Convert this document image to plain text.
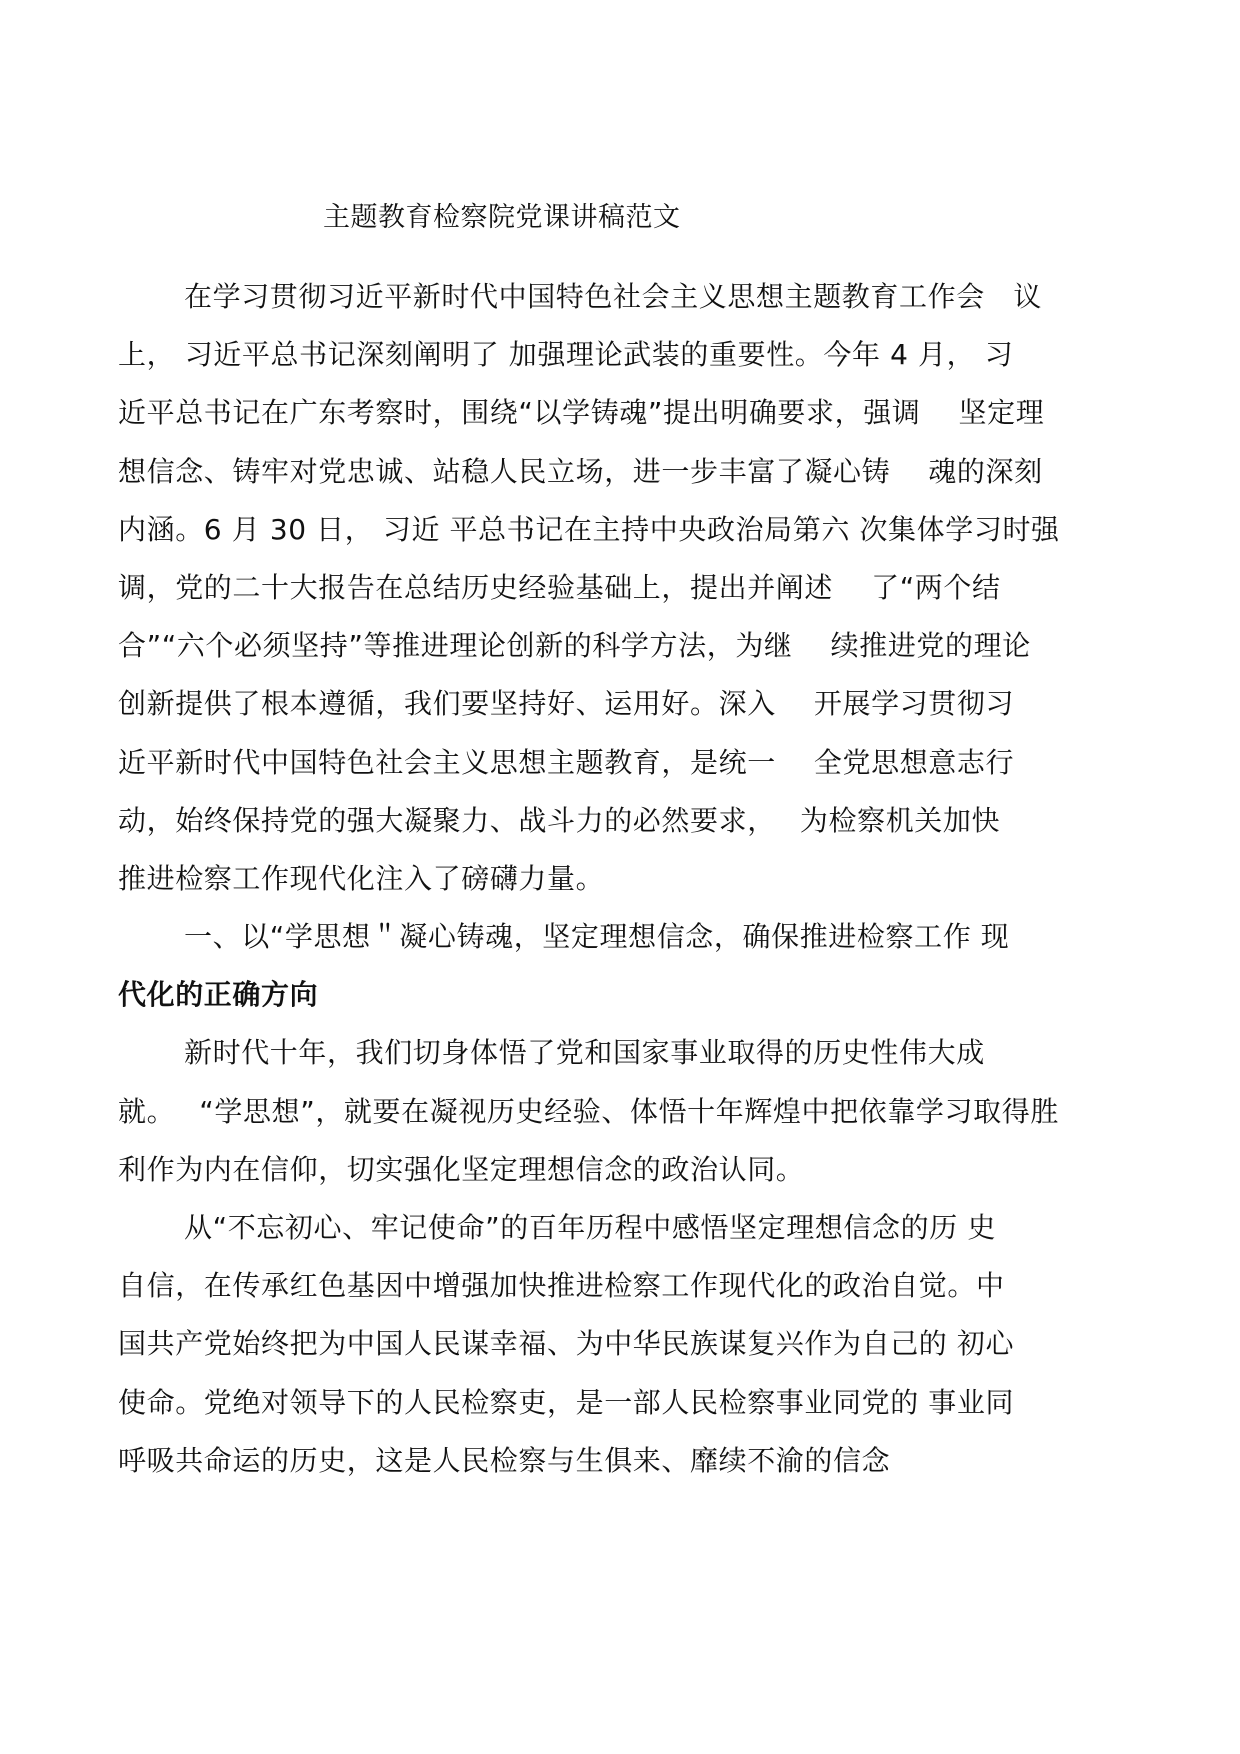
主题教育检察院党课讲稿范文
在学习贯彻习近平新时代中国特色社会主义思想主题教育工作会　议
上， 习近平总书记深刻阐明了 加强理论武装的重要性。今年 4 月， 习
近平总书记在广东考察时，围绕“以学铸魂”提出明确要求，强调　 坚定理
想信念、铸牢对党忠诚、站稳人民立场，进一步丰富了凝心铸　 魂的深刻
内涵。6 月 30 日， 习近 平总书记在主持中央政治局第六 次集体学习时强
调，党的二十大报告在总结历史经验基础上，提出并阐述　 了“两个结
合”“六个必须坚持”等推进理论创新的科学方法，为继　 续推进党的理论
创新提供了根本遵循，我们要坚持好、运用好。深入　 开展学习贯彻习
近平新时代中国特色社会主义思想主题教育，是统一　 全党思想意志行
动，始终保持党的强大凝聚力、战斗力的必然要求，　 为检察机关加快
推进检察工作现代化注入了磅礴力量。
一、以“学思想＂凝心铸魂，坚定理想信念，确保推进检察工作 现
代化的正确方向
新时代十年，我们切身体悟了党和国家事业取得的历史性伟大成
就。　 “学思想”，就要在凝视历史经验、体悟十年辉煌中把依靠学习取得胜
利作为内在信仰，切实强化坚定理想信念的政治认同。
从“不忘初心、牢记使命”的百年历程中感悟坚定理想信念的历 史
自信，在传承红色基因中增强加快推进检察工作现代化的政治自觉。中
国共产党始终把为中国人民谋幸福、为中华民族谋复兴作为自己的 初心
使命。党绝对领导下的人民检察吏，是一部人民检察事业同党的 事业同
呼吸共命运的历史，这是人民检察与生俱来、靡续不渝的信念
